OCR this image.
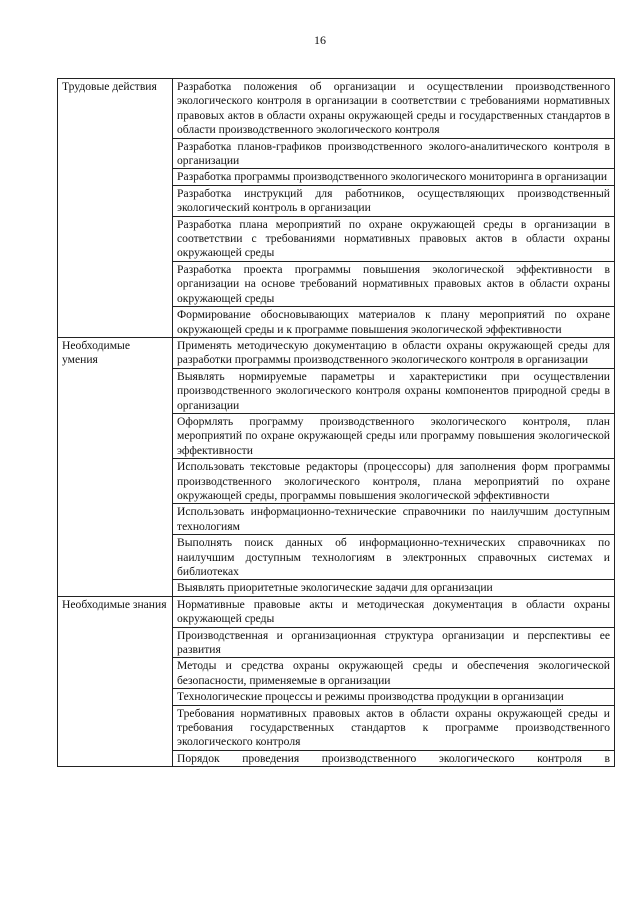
16
Трудовые действия	Разработка положения об организации и осуществлении производственного экологического контроля в организации в соответствии с требованиями нормативных правовых актов в области охраны окружающей среды и государственных стандартов в области производственного экологического контроля
	Разработка планов-графиков производственного эколого-аналитического контроля в организации
	Разработка программы производственного экологического мониторинга в организации
	Разработка инструкций для работников, осуществляющих производственный экологический контроль в организации
	Разработка плана мероприятий по охране окружающей среды в организации в соответствии с требованиями нормативных правовых актов в области охраны окружающей среды
	Разработка проекта программы повышения экологической эффективности в организации на основе требований нормативных правовых актов в области охраны окружающей среды
	Формирование обосновывающих материалов к плану мероприятий по охране окружающей среды и к программе повышения экологической эффективности
Необходимые умения	Применять методическую документацию в области охраны окружающей среды для разработки программы производственного экологического контроля в организации
	Выявлять нормируемые параметры и характеристики при осуществлении производственного экологического контроля охраны компонентов природной среды в организации
	Оформлять программу производственного экологического контроля, план мероприятий по охране окружающей среды или программу повышения экологической эффективности
	Использовать текстовые редакторы (процессоры) для заполнения форм программы производственного экологического контроля, плана мероприятий по охране окружающей среды, программы повышения экологической эффективности
	Использовать информационно-технические справочники по наилучшим доступным технологиям
	Выполнять поиск данных об информационно-технических справочниках по наилучшим доступным технологиям в электронных справочных системах и библиотеках
	Выявлять приоритетные экологические задачи для организации
Необходимые знания	Нормативные правовые акты и методическая документация в области охраны окружающей среды
	Производственная и организационная структура организации и перспективы ее развития
	Методы и средства охраны окружающей среды и обеспечения экологической безопасности, применяемые в организации
	Технологические процессы и режимы производства продукции в организации
	Требования нормативных правовых актов в области охраны окружающей среды и требования государственных стандартов к программе производственного экологического контроля
	Порядок проведения производственного экологического контроля в
